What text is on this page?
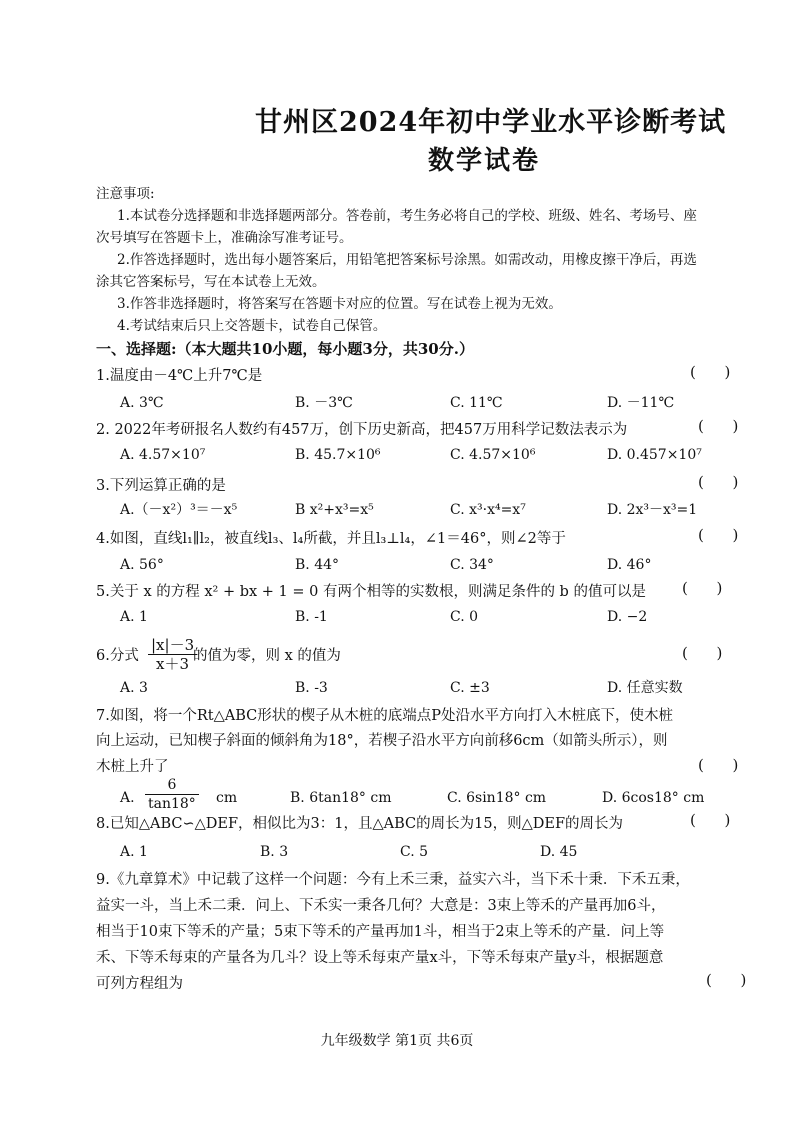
甘州区2024年初中学业水平诊断考试
数学试卷
注意事项:
1.本试卷分选择题和非选择题两部分。答卷前，考生务必将自己的学校、班级、姓名、考场号、座
次号填写在答题卡上，准确涂写准考证号。
2.作答选择题时，选出每小题答案后，用铅笔把答案标号涂黑。如需改动，用橡皮擦干净后，再选
涂其它答案标号，写在本试卷上无效。
3.作答非选择题时，将答案写在答题卡对应的位置。写在试卷上视为无效。
4.考试结束后只上交答题卡，试卷自己保管。
一、选择题:（本大题共10小题，每小题3分，共30分.）
1.温度由－4℃上升7℃是	(      )
A. 3℃	B. －3℃	C. 11℃	D. －11℃
2. 2022年考研报名人数约有457万，创下历史新高，把457万用科学记数法表示为	(      )
A. 4.57×10⁷	B. 45.7×10⁶	C. 4.57×10⁶	D. 0.457×10⁷
3.下列运算正确的是	(      )
A.（－x²）³＝－x⁵	B x²+x³=x⁵	C. x³·x⁴=x⁷	D. 2x³－x³=1
4.如图，直线l₁∥l₂，被直线l₃、l₄所截，并且l₃⊥l₄，∠1＝46°，则∠2等于	(      )
A. 56°	B. 44°	C. 34°	D. 46°
5.关于 x 的方程 x² + bx + 1 = 0 有两个相等的实数根，则满足条件的 b 的值可以是 (      )
A. 1	B. -1	C. 0	D. −2
6.分式 $\frac{|x|-3}{x+3}$
的值为零，则 x 的值为	(      )
A. 3	B. -3	C. ±3	D. 任意实数
7.如图，将一个Rt△ABC形状的楔子从木桩的底端点P处沿水平方向打入木桩底下，使木桩
向上运动，已知楔子斜面的倾斜角为18°，若楔子沿水平方向前移6cm（如箭头所示），则
木桩上升了	(      )
A. $\frac{6}{\tan 18^\circ}$ cm	B. 6tan18° cm	C. 6sin18° cm	D. 6cos18° cm
8.已知△ABC∽△DEF，相似比为3：1，且△ABC的周长为15，则△DEF的周长为	(      )
A. 1	B. 3	C. 5	D. 45
9.《九章算术》中记载了这样一个问题：今有上禾三秉，益实六斗，当下禾十秉．下禾五秉，
益实一斗，当上禾二秉．问上、下禾实一秉各几何？大意是：3束上等禾的产量再加6斗，
相当于10束下等禾的产量；5束下等禾的产量再加1斗，相当于2束上等禾的产量．问上等
禾、下等禾每束的产量各为几斗？设上等禾每束产量x斗，下等禾每束产量y斗，根据题意
可列方程组为	(      )
九年级数学 第1页 共6页
